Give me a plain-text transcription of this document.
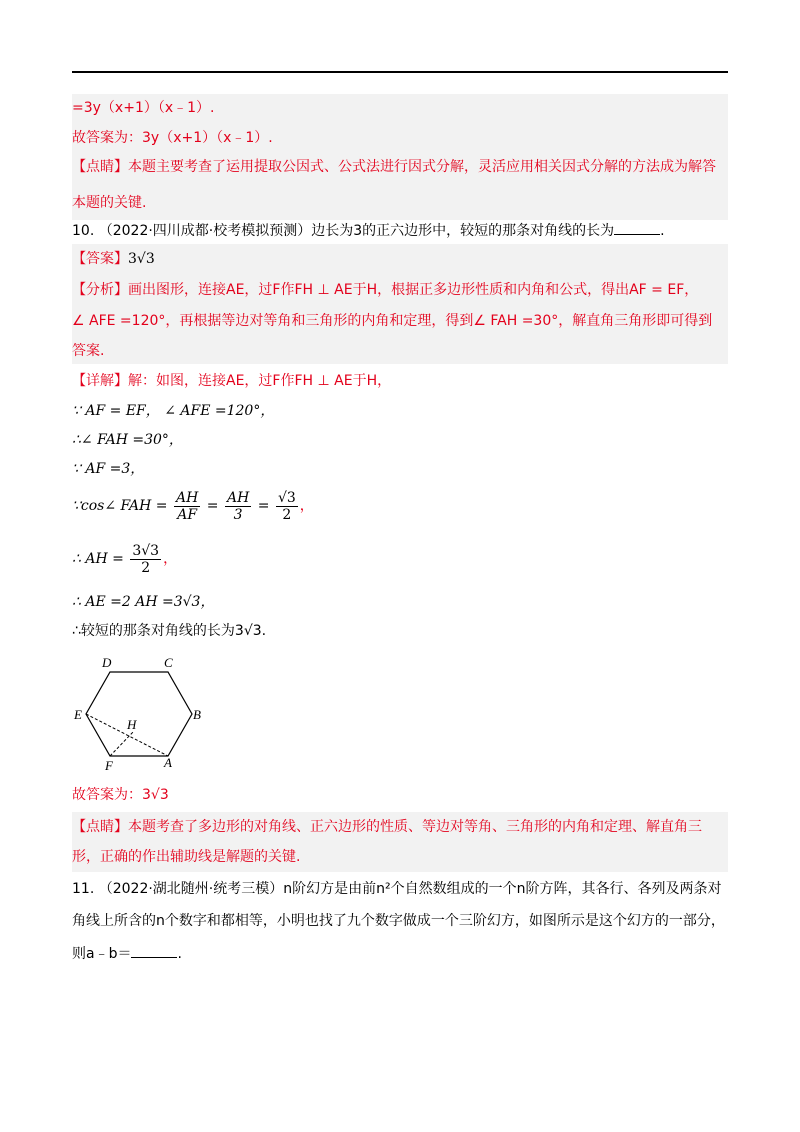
=3y（x+1）（x﹣1）.
故答案为：3y（x+1）（x﹣1）.
【点睛】本题主要考查了运用提取公因式、公式法进行因式分解，灵活应用相关因式分解的方法成为解答
本题的关键.
10. （2022·四川成都·校考模拟预测）边长为3的正六边形中，较短的那条对角线的长为	.
【答案】3√3
【分析】画出图形，连接AE，过F作FH ⊥ AE于H，根据正多边形性质和内角和公式，得出AF = EF，
∠ AFE =120°，再根据等边对等角和三角形的内角和定理，得到∠ FAH =30°，解直角三角形即可得到
答案.
【详解】解：如图，连接AE，过F作FH ⊥ AE于H，
∵ AF = EF， ∠ AFE =120°，
∴∠ FAH =30°，
∵ AF =3，
∵cos∠ FAH = $\frac{AH}{AF} = \frac{AH}{3} = \frac{√3}{2}$ ，
∴ AH = $\frac{3√3}{2}$ ，
∴ AE =2 AH =3√3，
∴较短的那条对角线的长为3√3.
D	C
E	B
H
F	A
故答案为：3√3
【点睛】本题考查了多边形的对角线、正六边形的性质、等边对等角、三角形的内角和定理、解直角三
形，正确的作出辅助线是解题的关键.
11. （2022·湖北随州·统考三模）n阶幻方是由前n²个自然数组成的一个n阶方阵，其各行、各列及两条对
角线上所含的n个数字和都相等，小明也找了九个数字做成一个三阶幻方，如图所示是这个幻方的一部分，
则a﹣b＝	.
